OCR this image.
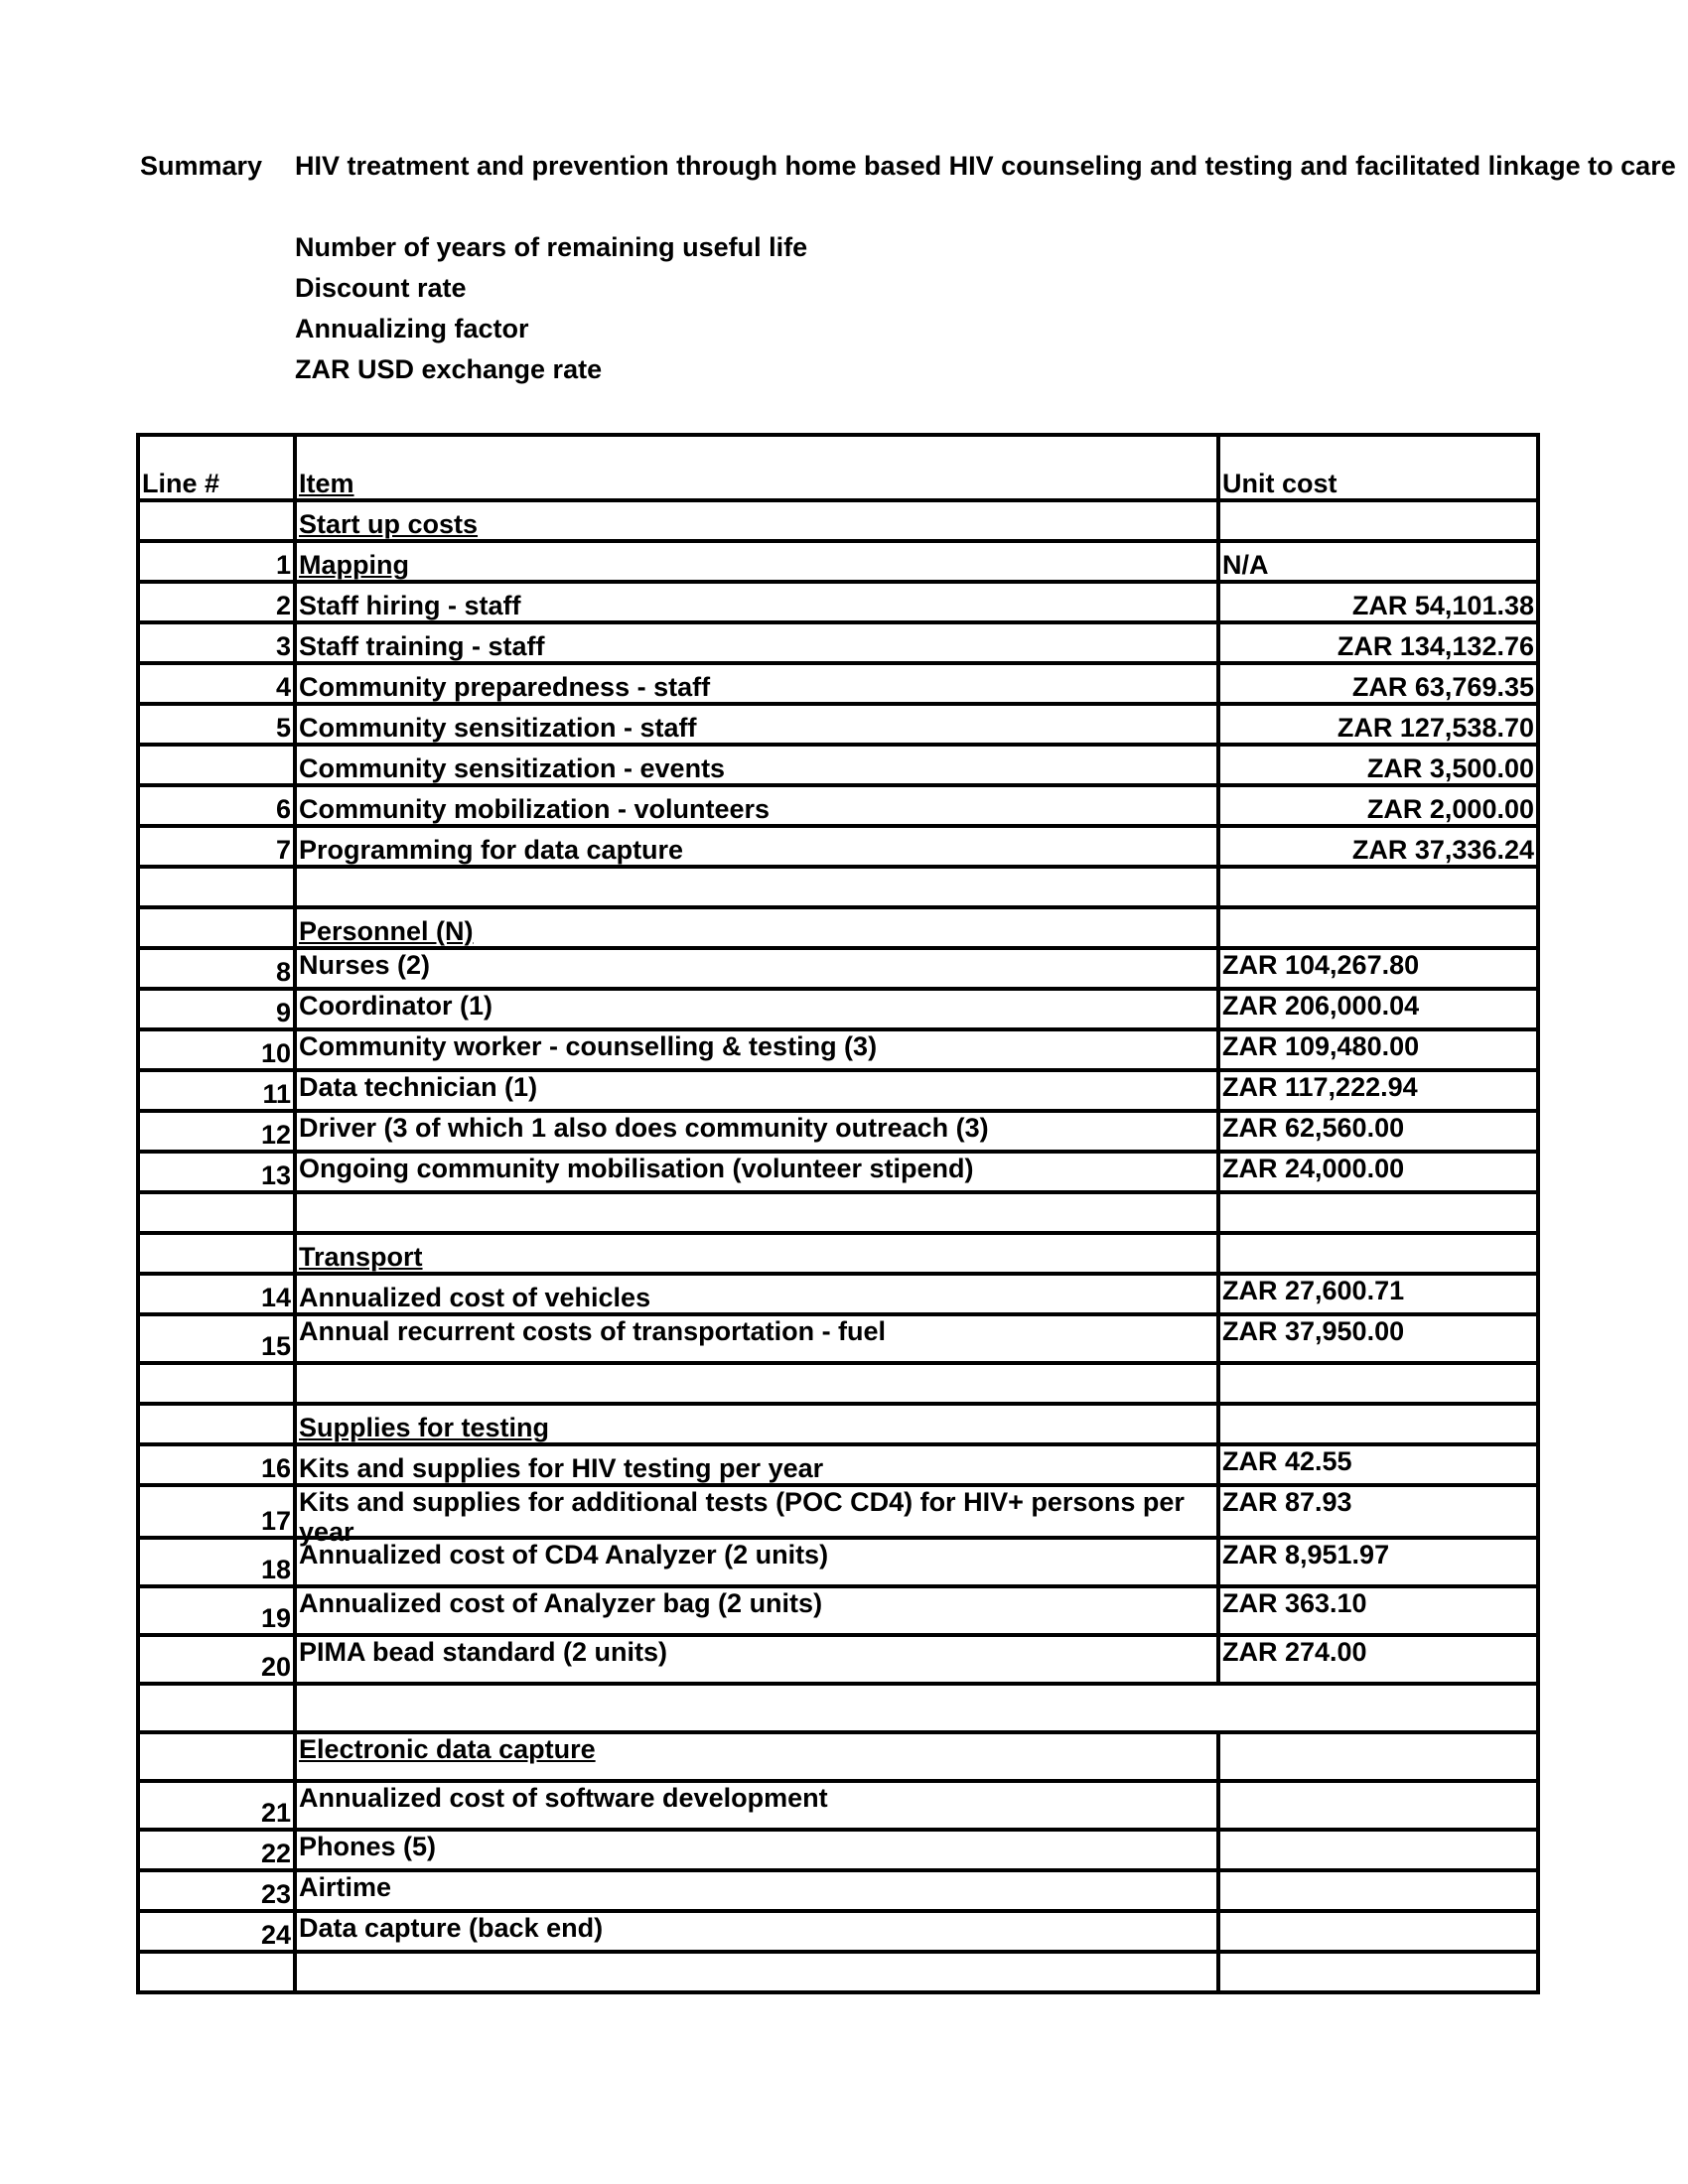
Summary HIV treatment and prevention through home based HIV counseling and testing and facilitated linkage to care
Number of years of remaining useful life
Discount rate
Annualizing factor
ZAR USD exchange rate
Line #	Item	Unit cost
	Start up costs	
1	Mapping	N/A
2	Staff hiring - staff	ZAR 54,101.38
3	Staff training - staff	ZAR 134,132.76
4	Community preparedness - staff	ZAR 63,769.35
5	Community sensitization - staff	ZAR 127,538.70
	Community sensitization - events	ZAR 3,500.00
6	Community mobilization - volunteers	ZAR 2,000.00
7	Programming for data capture	ZAR 37,336.24

	Personnel (N)	
8	Nurses (2)	ZAR 104,267.80
9	Coordinator (1)	ZAR 206,000.04
10	Community worker - counselling & testing (3)	ZAR 109,480.00
11	Data technician (1)	ZAR 117,222.94
12	Driver (3 of which 1 also does community outreach (3)	ZAR 62,560.00
13	Ongoing community mobilisation (volunteer stipend)	ZAR 24,000.00

	Transport	
14	Annualized cost of vehicles	ZAR 27,600.71
15	Annual recurrent costs of transportation - fuel	ZAR 37,950.00

	Supplies for testing	
16	Kits and supplies for HIV testing per year	ZAR 42.55
17	Kits and supplies for additional tests (POC CD4) for HIV+ persons per year	ZAR 87.93
18	Annualized cost of CD4 Analyzer (2 units)	ZAR 8,951.97
19	Annualized cost of Analyzer bag (2 units)	ZAR 363.10
20	PIMA bead standard (2 units)	ZAR 274.00

	Electronic data capture	
21	Annualized cost of software development	
22	Phones (5)	
23	Airtime	
24	Data capture (back end)	
